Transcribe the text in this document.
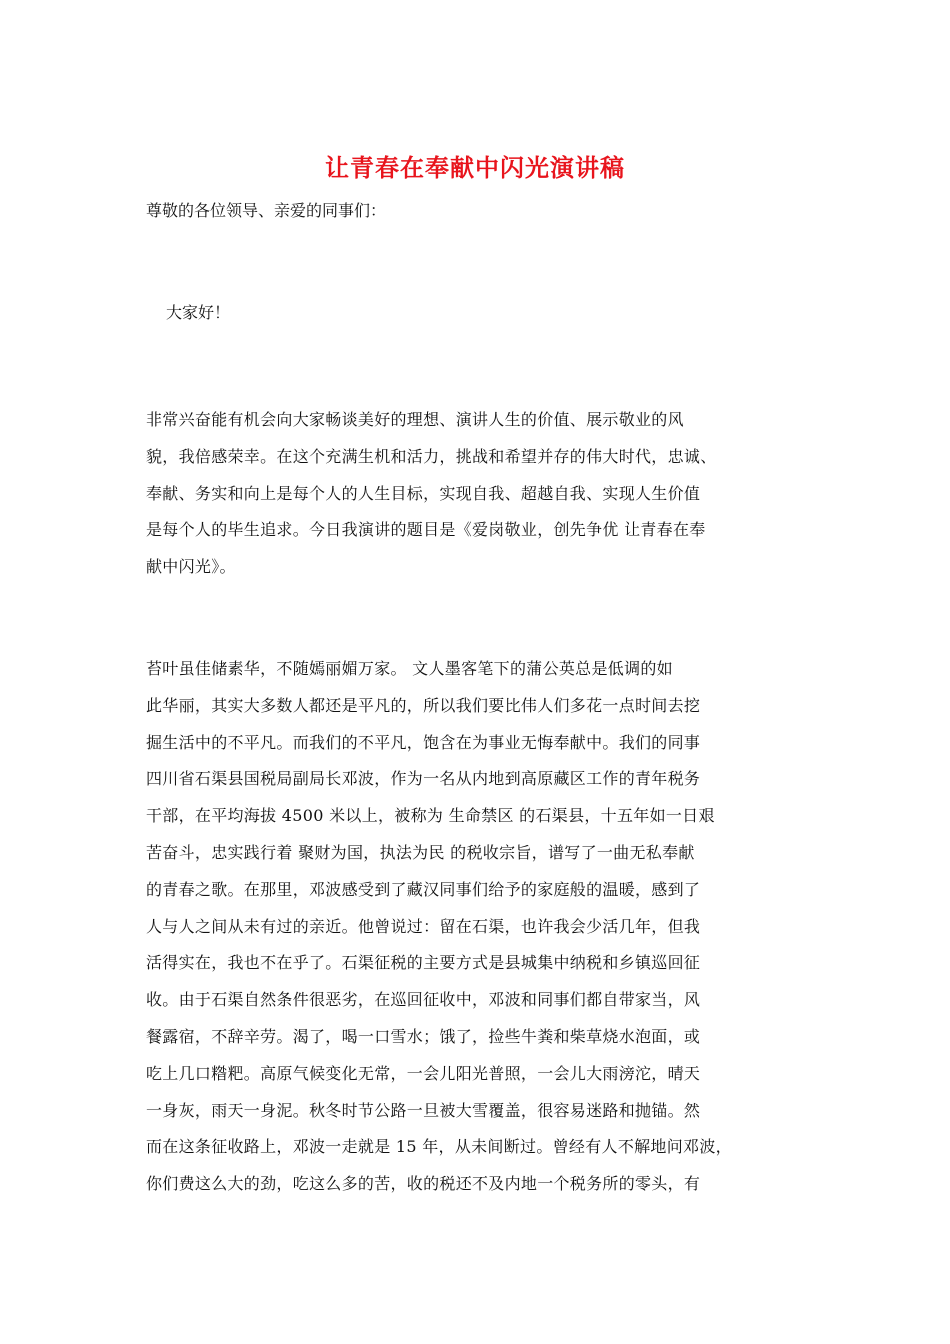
让青春在奉献中闪光演讲稿

尊敬的各位领导、亲爱的同事们：

大家好！

非常兴奋能有机会向大家畅谈美好的理想、演讲人生的价值、展示敬业的风
貌，我倍感荣幸。在这个充满生机和活力，挑战和希望并存的伟大时代，忠诚、
奉献、务实和向上是每个人的人生目标，实现自我、超越自我、实现人生价值
是每个人的毕生追求。今日我演讲的题目是《爱岗敬业，创先争优 让青春在奉
献中闪光》。
苔叶虽佳储素华，不随嫣丽媚万家。 文人墨客笔下的蒲公英总是低调的如
此华丽，其实大多数人都还是平凡的，所以我们要比伟人们多花一点时间去挖
掘生活中的不平凡。而我们的不平凡，饱含在为事业无悔奉献中。我们的同事
四川省石渠县国税局副局长邓波，作为一名从内地到高原藏区工作的青年税务
干部，在平均海拔 4500 米以上，被称为 生命禁区 的石渠县，十五年如一日艰
苦奋斗，忠实践行着 聚财为国，执法为民 的税收宗旨，谱写了一曲无私奉献
的青春之歌。在那里，邓波感受到了藏汉同事们给予的家庭般的温暖，感到了
人与人之间从未有过的亲近。他曾说过：留在石渠，也许我会少活几年，但我
活得实在，我也不在乎了。石渠征税的主要方式是县城集中纳税和乡镇巡回征
收。由于石渠自然条件很恶劣，在巡回征收中，邓波和同事们都自带家当，风
餐露宿，不辞辛劳。渴了，喝一口雪水；饿了，捡些牛粪和柴草烧水泡面，或
吃上几口糌粑。高原气候变化无常，一会儿阳光普照，一会儿大雨滂沱，晴天
一身灰，雨天一身泥。秋冬时节公路一旦被大雪覆盖，很容易迷路和抛锚。然
而在这条征收路上，邓波一走就是 15 年，从未间断过。曾经有人不解地问邓波，
你们费这么大的劲，吃这么多的苦，收的税还不及内地一个税务所的零头，有
